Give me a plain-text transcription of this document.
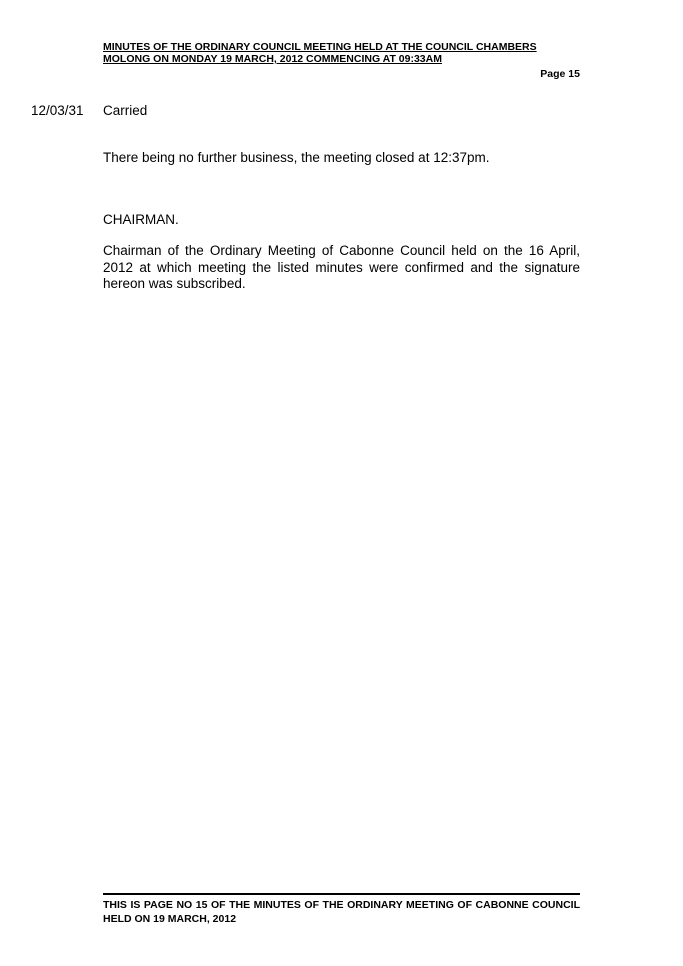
MINUTES OF THE ORDINARY COUNCIL MEETING HELD AT THE COUNCIL CHAMBERS
MOLONG ON MONDAY 19 MARCH, 2012 COMMENCING AT 09:33AM
Page 15
12/03/31 Carried
There being no further business, the meeting closed at 12:37pm.
CHAIRMAN.
Chairman of the Ordinary Meeting of Cabonne Council held on the 16 April, 2012 at which meeting the listed minutes were confirmed and the signature hereon was subscribed.
THIS IS PAGE NO 15 OF THE MINUTES OF THE ORDINARY MEETING OF CABONNE COUNCIL HELD ON 19 MARCH, 2012
